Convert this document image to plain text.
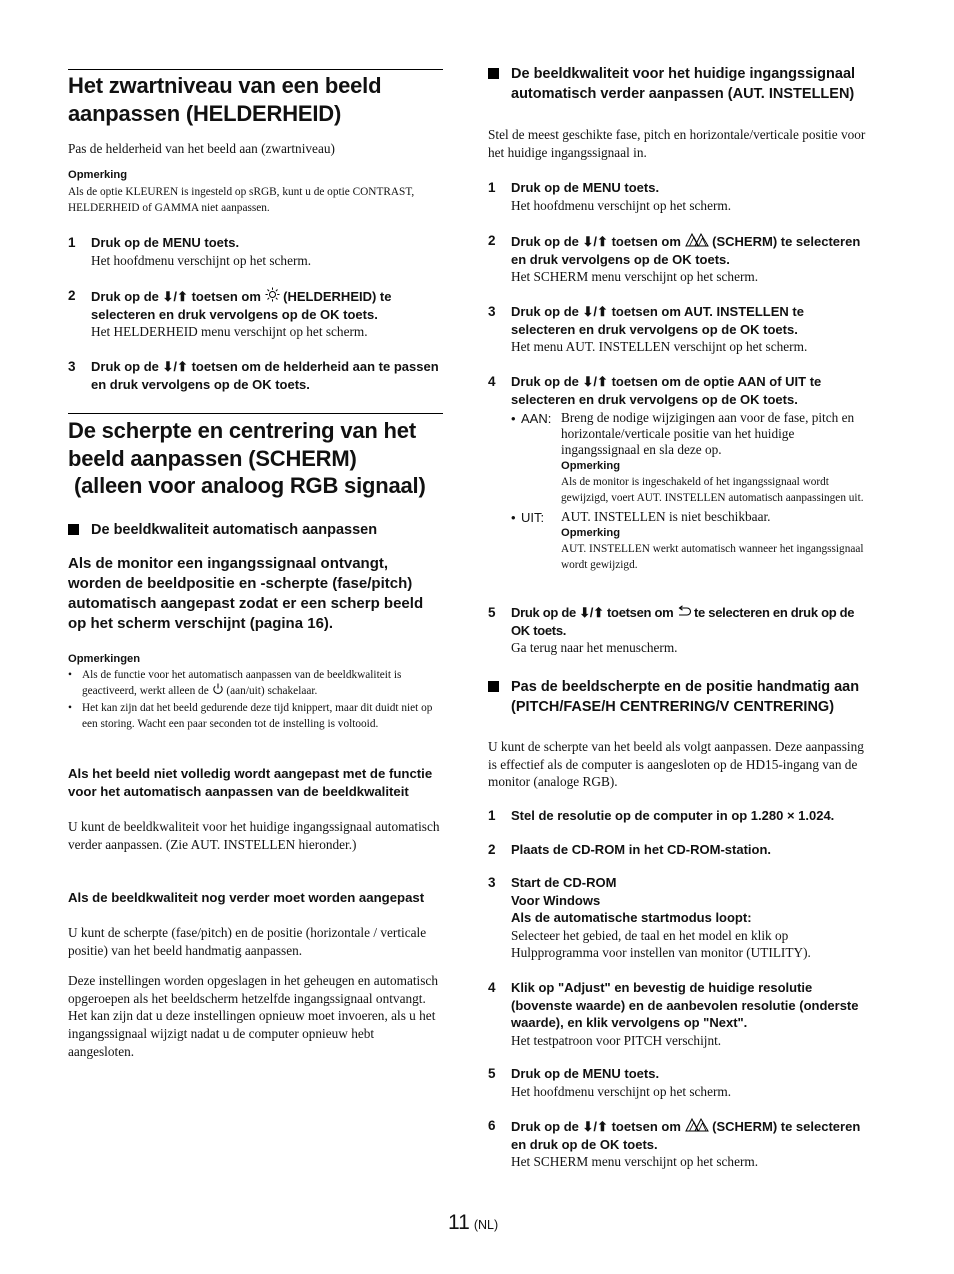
Het zwartniveau van een beeld aanpassen (HELDERHEID)
Pas de helderheid van het beeld aan (zwartniveau)
Opmerking
Als de optie KLEUREN is ingesteld op sRGB, kunt u de optie CONTRAST, HELDERHEID of GAMMA niet aanpassen.
1 Druk op de MENU toets.
Het hoofdmenu verschijnt op het scherm.
2 Druk op de ⬇/⬆ toetsen om (HELDERHEID) te selecteren en druk vervolgens op de OK toets.
Het HELDERHEID menu verschijnt op het scherm.
3 Druk op de ⬇/⬆ toetsen om de helderheid aan te passen en druk vervolgens op de OK toets.
De scherpte en centrering van het
beeld aanpassen (SCHERM)
(alleen voor analoog RGB signaal)
De beeldkwaliteit automatisch aanpassen
Als de monitor een ingangssignaal ontvangt, worden de beeldpositie en -scherpte (fase/pitch) automatisch aangepast zodat er een scherp beeld op het scherm verschijnt (pagina 16).
Opmerkingen
• Als de functie voor het automatisch aanpassen van de beeldkwaliteit is geactiveerd, werkt alleen de (aan/uit) schakelaar.
• Het kan zijn dat het beeld gedurende deze tijd knippert, maar dit duidt niet op een storing. Wacht een paar seconden tot de instelling is voltooid.
Als het beeld niet volledig wordt aangepast met de functie voor het automatisch aanpassen van de beeldkwaliteit
U kunt de beeldkwaliteit voor het huidige ingangssignaal automatisch verder aanpassen. (Zie AUT. INSTELLEN hieronder.)
Als de beeldkwaliteit nog verder moet worden aangepast
U kunt de scherpte (fase/pitch) en de positie (horizontale / verticale positie) van het beeld handmatig aanpassen.
Deze instellingen worden opgeslagen in het geheugen en automatisch opgeroepen als het beeldscherm hetzelfde ingangssignaal ontvangt.
Het kan zijn dat u deze instellingen opnieuw moet invoeren, als u het ingangssignaal wijzigt nadat u de computer opnieuw hebt aangesloten.
De beeldkwaliteit voor het huidige ingangssignaal automatisch verder aanpassen (AUT. INSTELLEN)
Stel de meest geschikte fase, pitch en horizontale/verticale positie voor het huidige ingangssignaal in.
1 Druk op de MENU toets.
Het hoofdmenu verschijnt op het scherm.
2 Druk op de ⬇/⬆ toetsen om (SCHERM) te selecteren en druk vervolgens op de OK toets.
Het SCHERM menu verschijnt op het scherm.
3 Druk op de ⬇/⬆ toetsen om AUT. INSTELLEN te selecteren en druk vervolgens op de OK toets.
Het menu AUT. INSTELLEN verschijnt op het scherm.
4 Druk op de ⬇/⬆ toetsen om de optie AAN of UIT te selecteren en druk vervolgens op de OK toets.
• AAN: Breng de nodige wijzigingen aan voor de fase, pitch en horizontale/verticale positie van het huidige ingangssignaal en sla deze op.
Opmerking
Als de monitor is ingeschakeld of het ingangssignaal wordt gewijzigd, voert AUT. INSTELLEN automatisch aanpassingen uit.
• UIT: AUT. INSTELLEN is niet beschikbaar.
Opmerking
AUT. INSTELLEN werkt automatisch wanneer het ingangssignaal wordt gewijzigd.
5 Druk op de ⬇/⬆ toetsen om te selecteren en druk op de OK toets.
Ga terug naar het menuscherm.
Pas de beeldscherpte en de positie handmatig aan (PITCH/FASE/H CENTRERING/V CENTRERING)
U kunt de scherpte van het beeld als volgt aanpassen. Deze aanpassing is effectief als de computer is aangesloten op de HD15-ingang van de monitor (analoge RGB).
1 Stel de resolutie op de computer in op 1.280 × 1.024.
2 Plaats de CD-ROM in het CD-ROM-station.
3 Start de CD-ROM
Voor Windows
Als de automatische startmodus loopt:
Selecteer het gebied, de taal en het model en klik op Hulpprogramma voor instellen van monitor (UTILITY).
4 Klik op "Adjust" en bevestig de huidige resolutie (bovenste waarde) en de aanbevolen resolutie (onderste waarde), en klik vervolgens op "Next".
Het testpatroon voor PITCH verschijnt.
5 Druk op de MENU toets.
Het hoofdmenu verschijnt op het scherm.
6 Druk op de ⬇/⬆ toetsen om (SCHERM) te selecteren en druk op de OK toets.
Het SCHERM menu verschijnt op het scherm.
11 (NL)
